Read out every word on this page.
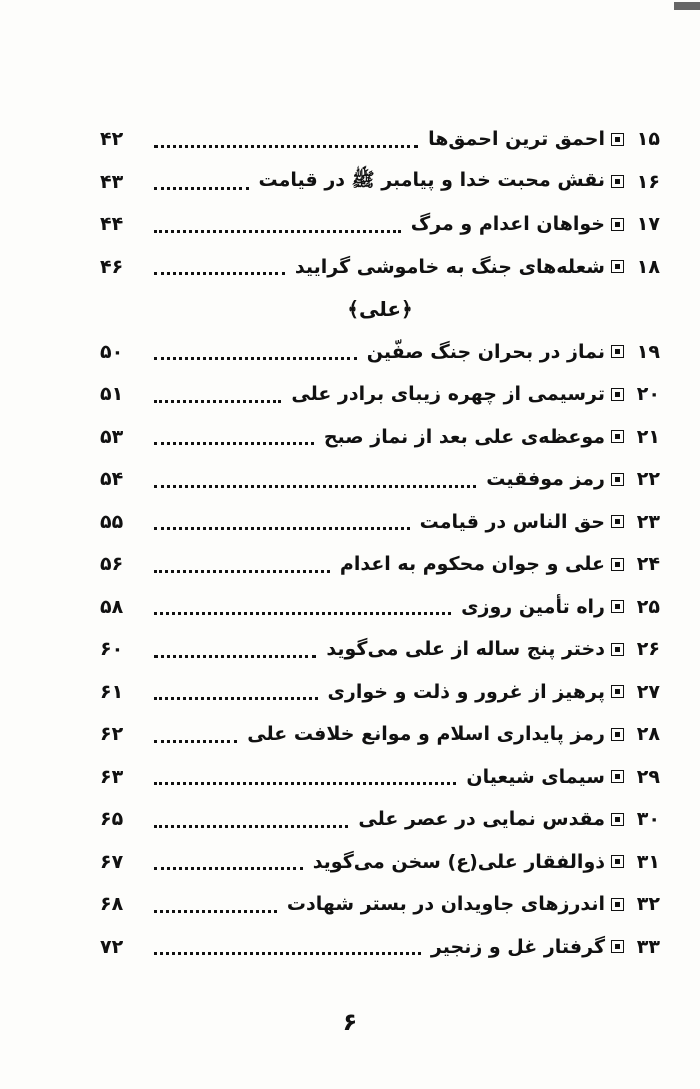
۱۵
احمق ترین احمق‌ها
۴۲
۱۶
نقش محبت خدا و پیامبر ﷺ در قیامت
۴۳
۱۷
خواهان اعدام و مرگ
۴۴
۱۸
شعله‌های جنگ به خاموشی گرایید
۴۶
﴿علی﴾
۱۹
نماز در بحران جنگ صفّین
۵۰
۲۰
ترسیمی از چهره زیبای برادر علی
۵۱
۲۱
موعظه‌ی علی بعد از نماز صبح
۵۳
۲۲
رمز موفقیت
۵۴
۲۳
حق الناس در قیامت
۵۵
۲۴
علی و جوان محکوم به اعدام
۵۶
۲۵
راه تأمین روزی
۵۸
۲۶
دختر پنج ساله از علی می‌گوید
۶۰
۲۷
پرهیز از غرور و ذلت و خواری
۶۱
۲۸
رمز پایداری اسلام و موانع خلافت علی
۶۲
۲۹
سیمای شیعیان
۶۳
۳۰
مقدس نمایی در عصر علی
۶۵
۳۱
ذوالفقار علی(ع) سخن می‌گوید
۶۷
۳۲
اندرزهای جاویدان در بستر شهادت
۶۸
۳۳
گرفتار غل و زنجیر
۷۲
۶
